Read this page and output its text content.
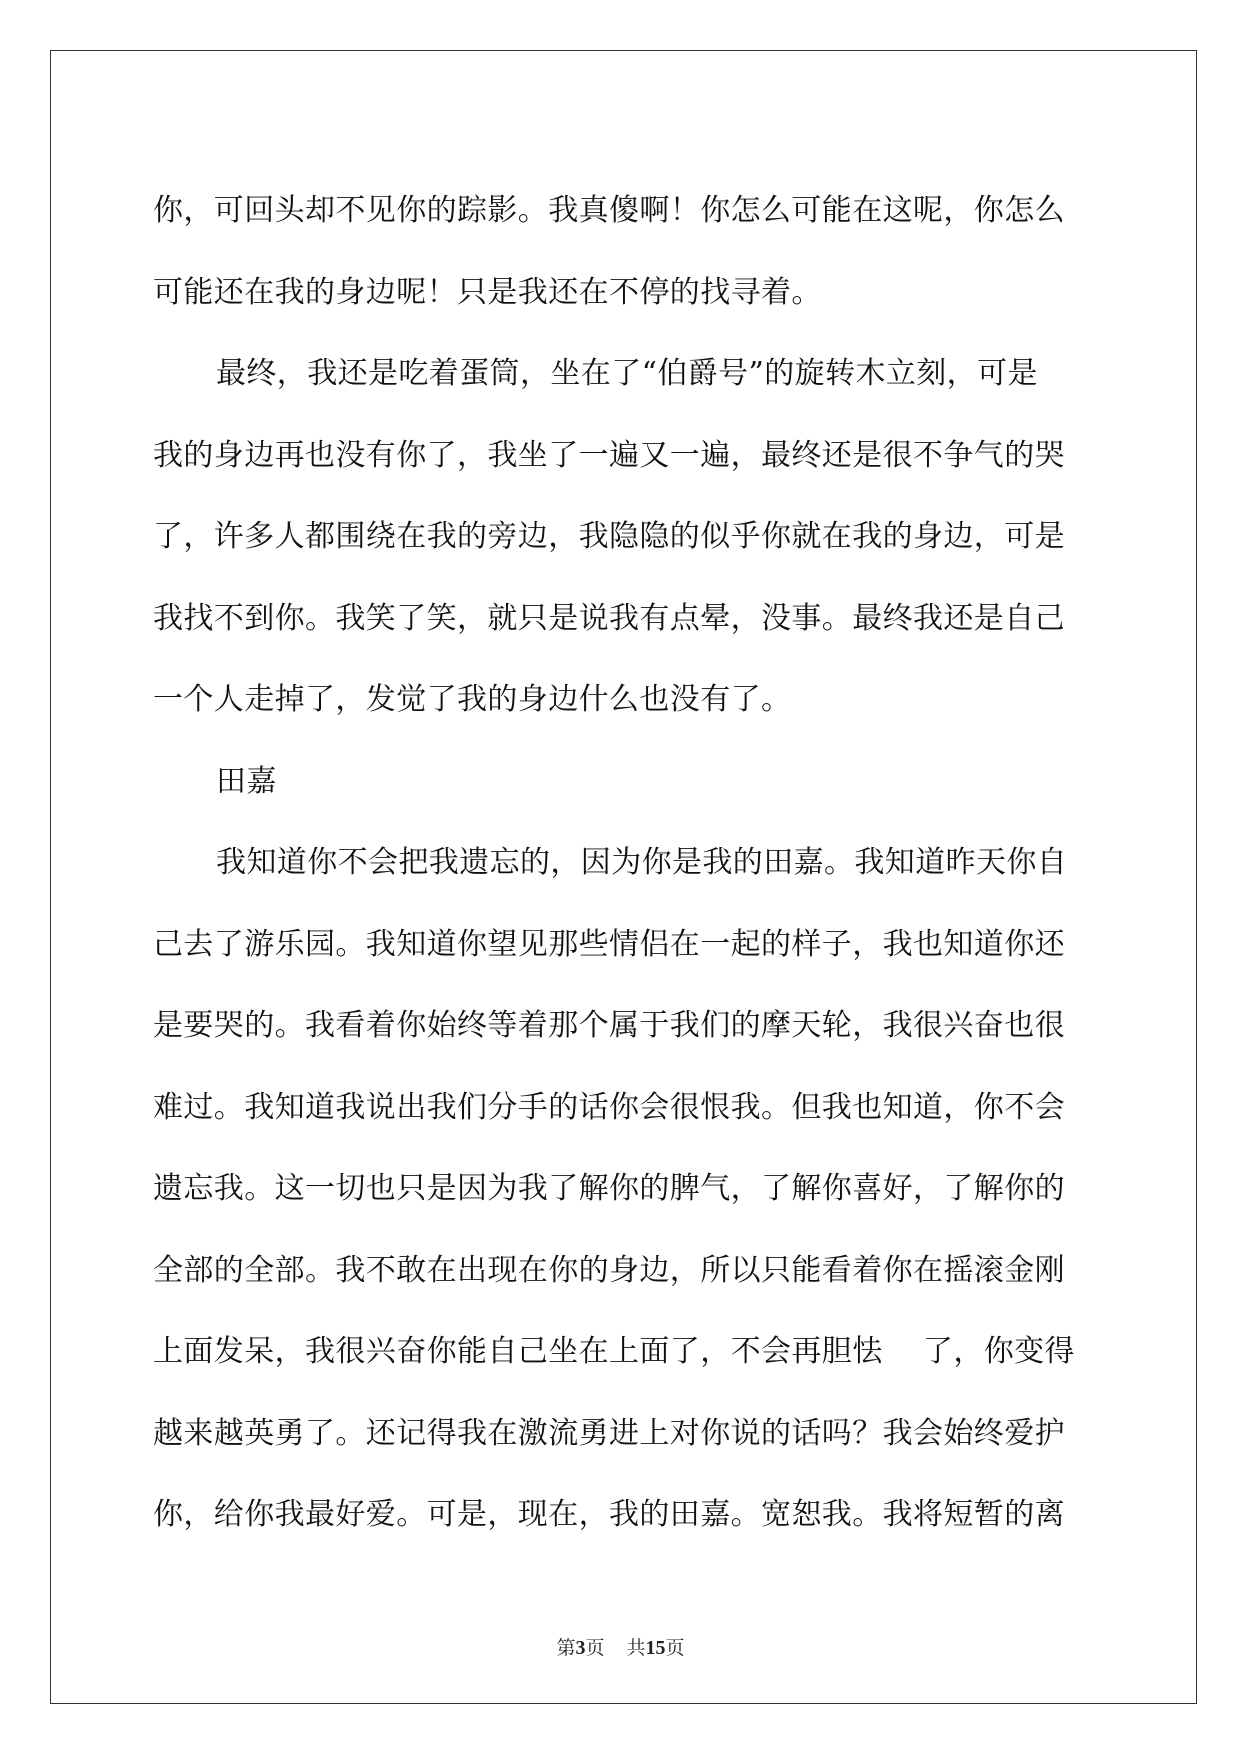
你，可回头却不见你的踪影。我真傻啊！你怎么可能在这呢，你怎么

可能还在我的身边呢！只是我还在不停的找寻着。

最终，我还是吃着蛋筒，坐在了“伯爵号”的旋转木立刻，可是

我的身边再也没有你了，我坐了一遍又一遍，最终还是很不争气的哭

了，许多人都围绕在我的旁边，我隐隐的似乎你就在我的身边，可是

我找不到你。我笑了笑，就只是说我有点晕，没事。最终我还是自己

一个人走掉了，发觉了我的身边什么也没有了。

田嘉

我知道你不会把我遗忘的，因为你是我的田嘉。我知道昨天你自

己去了游乐园。我知道你望见那些情侣在一起的样子，我也知道你还

是要哭的。我看着你始终等着那个属于我们的摩天轮，我很兴奋也很

难过。我知道我说出我们分手的话你会很恨我。但我也知道，你不会

遗忘我。这一切也只是因为我了解你的脾气，了解你喜好，了解你的

全部的全部。我不敢在出现在你的身边，所以只能看着你在摇滚金刚

上面发呆，我很兴奋你能自己坐在上面了，不会再胆怯　 了，你变得

越来越英勇了。还记得我在激流勇进上对你说的话吗？我会始终爱护

你，给你我最好爱。可是，现在，我的田嘉。宽恕我。我将短暂的离

第3页 共15页
